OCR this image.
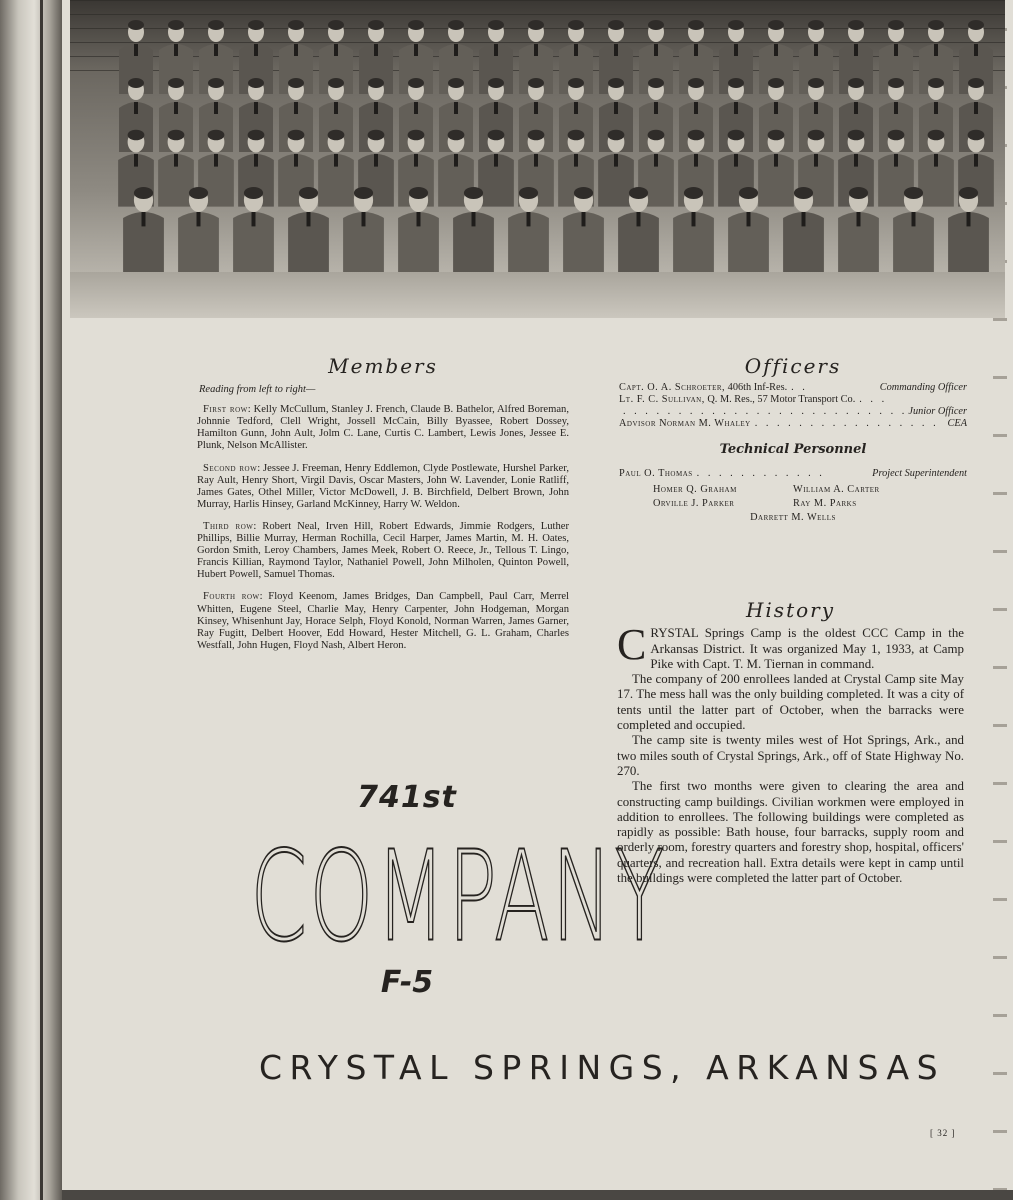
Members
Reading from left to right—

First row: Kelly McCullum, Stanley J. French, Claude B. Bathelor, Alfred Boreman, Johnnie Tedford, Clell Wright, Jossell McCain, Billy Byassee, Robert Dossey, Hamilton Gunn, John Ault, Jolm C. Lane, Curtis C. Lambert, Lewis Jones, Jessee E. Plunk, Nelson McAllister.

Second row: Jessee J. Freeman, Henry Eddlemon, Clyde Postlewate, Hurshel Parker, Ray Ault, Henry Short, Virgil Davis, Oscar Masters, John W. Lavender, Lonie Ratliff, James Gates, Othel Miller, Victor McDowell, J. B. Birchfield, Delbert Brown, John Murray, Harlis Hinsey, Garland McKinney, Harry W. Weldon.

Third row: Robert Neal, Irven Hill, Robert Edwards, Jimmie Rodgers, Luther Phillips, Billie Murray, Herman Rochilla, Cecil Harper, James Martin, M. H. Oates, Gordon Smith, Leroy Chambers, James Meek, Robert O. Reece, Jr., Tellous T. Lingo, Francis Killian, Raymond Taylor, Nathaniel Powell, John Milholen, Quinton Powell, Hubert Powell, Samuel Thomas.

Fourth row: Floyd Keenom, James Bridges, Dan Campbell, Paul Carr, Merrel Whitten, Eugene Steel, Charlie May, Henry Carpenter, John Hodgeman, Morgan Kinsey, Whisenhunt Jay, Horace Selph, Floyd Konold, Norman Warren, James Garner, Ray Fugitt, Delbert Hoover, Edd Howard, Hester Mitchell, G. L. Graham, Charles Westfall, John Hugen, Floyd Nash, Albert Heron.

Officers
Capt. O. A. Schroeter, 406th Inf-Res. . .	Commanding Officer
Lt. F. C. Sullivan, Q. M. Res., 57 Motor Transport Co. . . .
. . . . . . . . . . . . . . . . . . . . . . . . . . Junior Officer
Advisor Norman M. Whaley . . . . . . . . . . . . . . . . . CEA
Technical Personnel
Paul O. Thomas . . . . . . . . . . . .	Project Superintendent
Homer Q. Graham	William A. Carter
Orville J. Parker	Ray M. Parks
Darrett M. Wells
History

CRYSTAL Springs Camp is the oldest CCC Camp in the Arkansas District. It was organized May 1, 1933, at Camp Pike with Capt. T. M. Tiernan in command.

The company of 200 enrollees landed at Crystal Camp site May 17. The mess hall was the only building completed. It was a city of tents until the latter part of October, when the barracks were completed and occupied.

The camp site is twenty miles west of Hot Springs, Ark., and two miles south of Crystal Springs, Ark., off of State Highway No. 270.

The first two months were given to clearing the area and constructing camp buildings. Civilian workmen were employed in addition to enrollees. The following buildings were completed as rapidly as possible: Bath house, four barracks, supply room and orderly room, forestry quarters and forestry shop, hospital, officers' quarters, and recreation hall. Extra details were kept in camp until the buildings were completed the latter part of October.

741st
COMPANY
F-5
CRYSTAL SPRINGS, ARKANSAS
[ 32 ]
